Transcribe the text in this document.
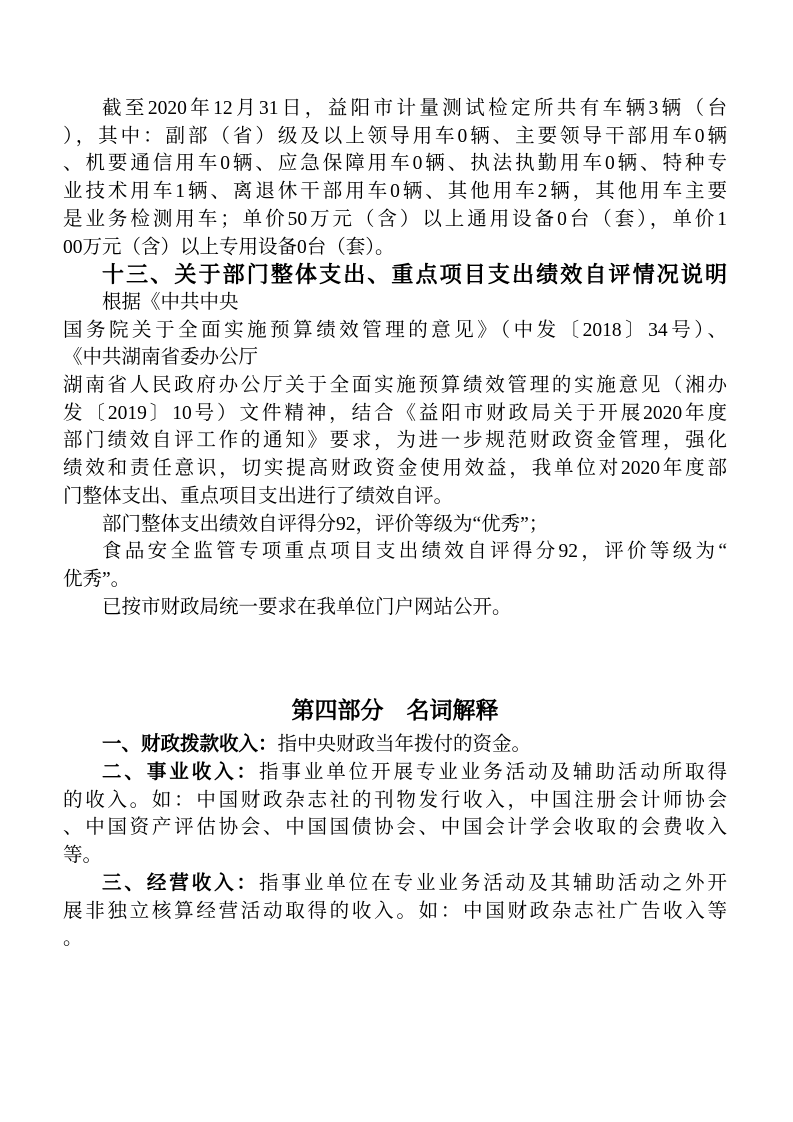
截至2020年12月31日，益阳市计量测试检定所共有车辆3辆（台
），其中：副部（省）级及以上领导用车0辆、主要领导干部用车0辆
、机要通信用车0辆、应急保障用车0辆、执法执勤用车0辆、特种专
业技术用车1辆、离退休干部用车0辆、其他用车2辆，其他用车主要
是业务检测用车；单价50万元（含）以上通用设备0台（套），单价1
00万元（含）以上专用设备0台（套）。
十三、关于部门整体支出、重点项目支出绩效自评情况说明
根据《中共中央
国务院关于全面实施预算绩效管理的意见》（中发〔2018〕34号）、
《中共湖南省委办公厅
湖南省人民政府办公厅关于全面实施预算绩效管理的实施意见（湘办
发〔2019〕10号）文件精神，结合《益阳市财政局关于开展2020年度
部门绩效自评工作的通知》要求，为进一步规范财政资金管理，强化
绩效和责任意识，切实提高财政资金使用效益，我单位对2020年度部
门整体支出、重点项目支出进行了绩效自评。
部门整体支出绩效自评得分92，评价等级为“优秀”；
食品安全监管专项重点项目支出绩效自评得分92，评价等级为“
优秀”。
已按市财政局统一要求在我单位门户网站公开。
第四部分　名词解释
一、财政拨款收入：指中央财政当年拨付的资金。
二、事业收入：指事业单位开展专业业务活动及辅助活动所取得
的收入。如：中国财政杂志社的刊物发行收入，中国注册会计师协会
、中国资产评估协会、中国国债协会、中国会计学会收取的会费收入
等。
三、经营收入：指事业单位在专业业务活动及其辅助活动之外开
展非独立核算经营活动取得的收入。如：中国财政杂志社广告收入等
。
